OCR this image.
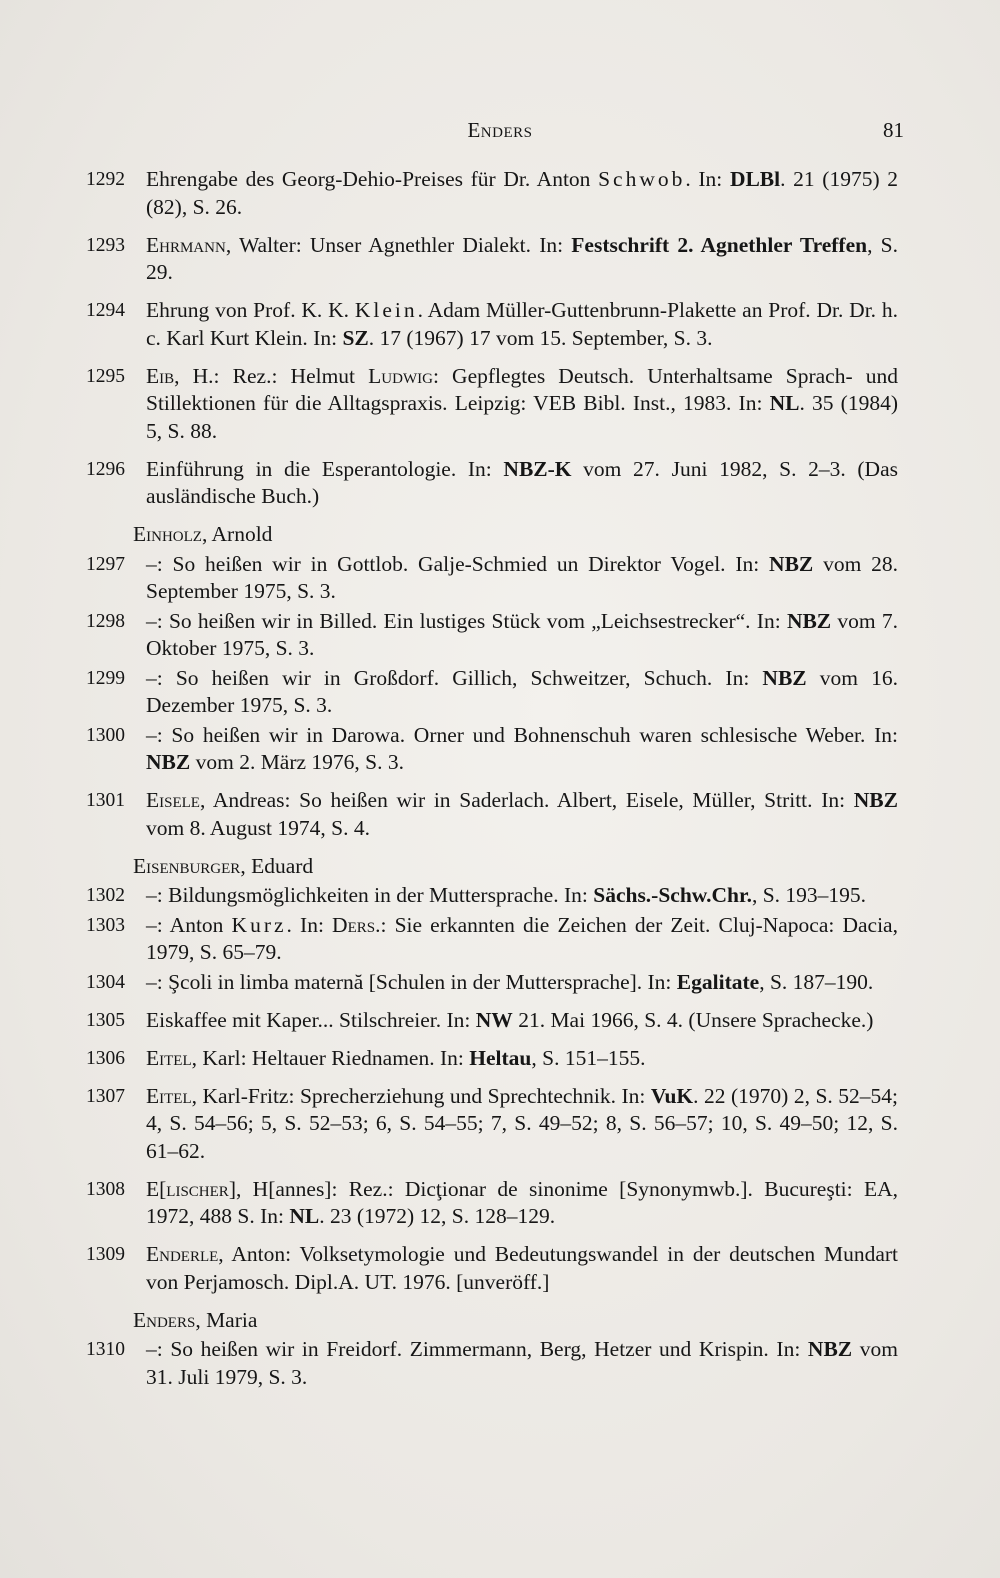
Enders	81
1292 Ehrengabe des Georg-Dehio-Preises für Dr. Anton Schwob. In: DLBl. 21 (1975) 2 (82), S. 26.
1293 Ehrmann, Walter: Unser Agnethler Dialekt. In: Festschrift 2. Agnethler Treffen, S. 29.
1294 Ehrung von Prof. K. K. Klein. Adam Müller-Guttenbrunn-Plakette an Prof. Dr. Dr. h. c. Karl Kurt Klein. In: SZ. 17 (1967) 17 vom 15. September, S. 3.
1295 Eib, H.: Rez.: Helmut Ludwig: Gepflegtes Deutsch. Unterhaltsame Sprach- und Stillektionen für die Alltagspraxis. Leipzig: VEB Bibl. Inst., 1983. In: NL. 35 (1984) 5, S. 88.
1296 Einführung in die Esperantologie. In: NBZ-K vom 27. Juni 1982, S. 2–3. (Das ausländische Buch.)
Einholz, Arnold
1297 –: So heißen wir in Gottlob. Galje-Schmied un Direktor Vogel. In: NBZ vom 28. September 1975, S. 3.
1298 –: So heißen wir in Billed. Ein lustiges Stück vom „Leichsestrecker“. In: NBZ vom 7. Oktober 1975, S. 3.
1299 –: So heißen wir in Großdorf. Gillich, Schweitzer, Schuch. In: NBZ vom 16. Dezember 1975, S. 3.
1300 –: So heißen wir in Darowa. Orner und Bohnenschuh waren schlesische Weber. In: NBZ vom 2. März 1976, S. 3.
1301 Eisele, Andreas: So heißen wir in Saderlach. Albert, Eisele, Müller, Stritt. In: NBZ vom 8. August 1974, S. 4.
Eisenburger, Eduard
1302 –: Bildungsmöglichkeiten in der Muttersprache. In: Sächs.-Schw.Chr., S. 193–195.
1303 –: Anton Kurz. In: Ders.: Sie erkannten die Zeichen der Zeit. Cluj-Napoca: Dacia, 1979, S. 65–79.
1304 –: Şcoli in limba maternă [Schulen in der Muttersprache]. In: Egalitate, S. 187–190.
1305 Eiskaffee mit Kaper... Stilschreier. In: NW 21. Mai 1966, S. 4. (Unsere Sprachecke.)
1306 Eitel, Karl: Heltauer Riednamen. In: Heltau, S. 151–155.
1307 Eitel, Karl-Fritz: Sprecherziehung und Sprechtechnik. In: VuK. 22 (1970) 2, S. 52–54; 4, S. 54–56; 5, S. 52–53; 6, S. 54–55; 7, S. 49–52; 8, S. 56–57; 10, S. 49–50; 12, S. 61–62.
1308 E[lischer], H[annes]: Rez.: Dicţionar de sinonime [Synonymwb.]. Bucureşti: EA, 1972, 488 S. In: NL. 23 (1972) 12, S. 128–129.
1309 Enderle, Anton: Volksetymologie und Bedeutungswandel in der deutschen Mundart von Perjamosch. Dipl.A. UT. 1976. [unveröff.]
Enders, Maria
1310 –: So heißen wir in Freidorf. Zimmermann, Berg, Hetzer und Krispin. In: NBZ vom 31. Juli 1979, S. 3.
